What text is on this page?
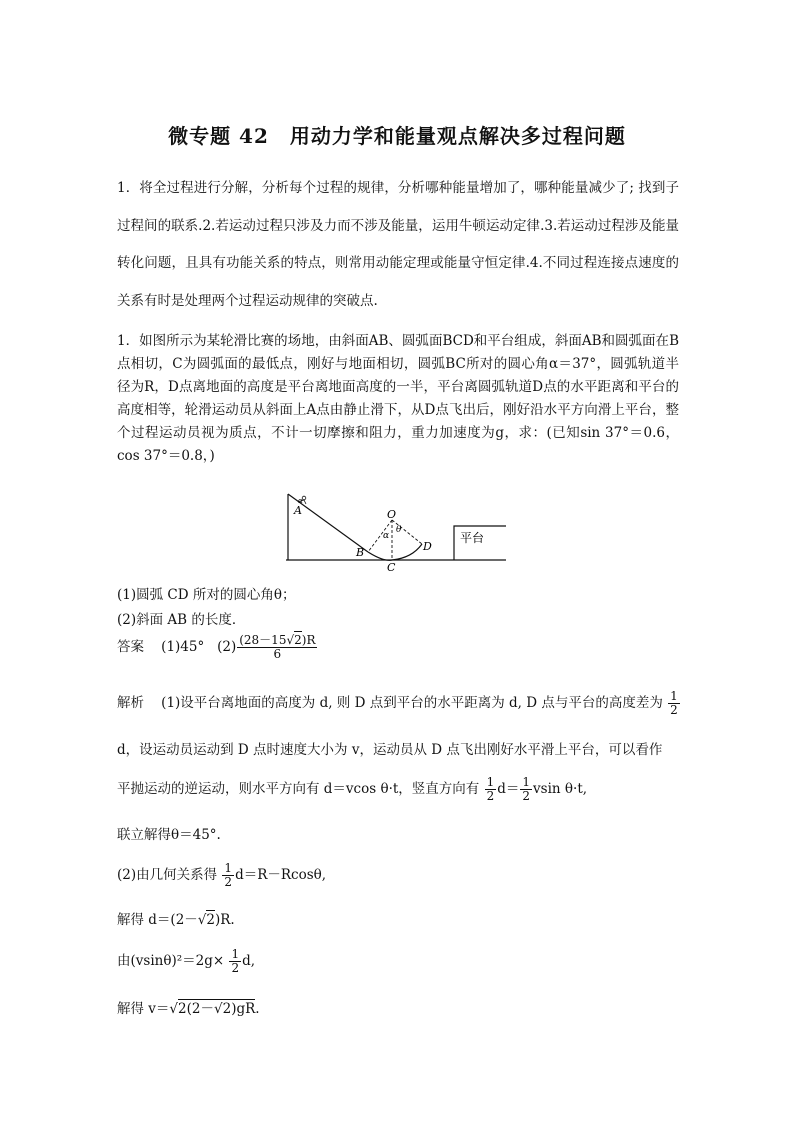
微专题 42　用动力学和能量观点解决多过程问题
1．将全过程进行分解，分析每个过程的规律，分析哪种能量增加了，哪种能量减少了; 找到子过程间的联系.2.若运动过程只涉及力而不涉及能量，运用牛顿运动定律.3.若运动过程涉及能量转化问题，且具有功能关系的特点，则常用动能定理或能量守恒定律.4.不同过程连接点速度的关系有时是处理两个过程运动规律的突破点.
1．如图所示为某轮滑比赛的场地，由斜面AB、圆弧面BCD和平台组成，斜面AB和圆弧面在B点相切，C为圆弧面的最低点，刚好与地面相切，圆弧BC所对的圆心角α＝37°，圆弧轨道半径为R，D点离地面的高度是平台离地面高度的一半，平台离圆弧轨道D点的水平距离和平台的高度相等，轮滑运动员从斜面上A点由静止滑下，从D点飞出后，刚好沿水平方向滑上平台，整个过程运动员视为质点，不计一切摩擦和阻力，重力加速度为g，求：(已知sin 37°＝0.6，cos 37°＝0.8，)
A
α
B
C
D
O
α
θ
平台
(1)圆弧 CD 所对的圆心角θ；
(2)斜面 AB 的长度．
答案 (1)45° $(2) \frac{(28-15√2)R}{6}$
解析 (1)设平台离地面的高度为 d, 则 D 点到平台的水平距离为 d, D 点与平台的高度差为 $\frac{1}{2}$
d，设运动员运动到 D 点时速度大小为 v，运动员从 D 点飞出刚好水平滑上平台，可以看作
平抛运动的逆运动，则水平方向有 d＝vcos θ·t，竖直方向有 $\frac{1}{2} d= \frac{1}{2}$ vsin θ·t,
联立解得θ＝45°.
(2)由几何关系得 $\frac{1}{2} d=R-Rcos\theta$,
解得 d＝(2－√2)R.
由$(vsin\theta)^2=2g\times \frac{1}{2} d$,
解得 v＝√2(2－√2)gR.
